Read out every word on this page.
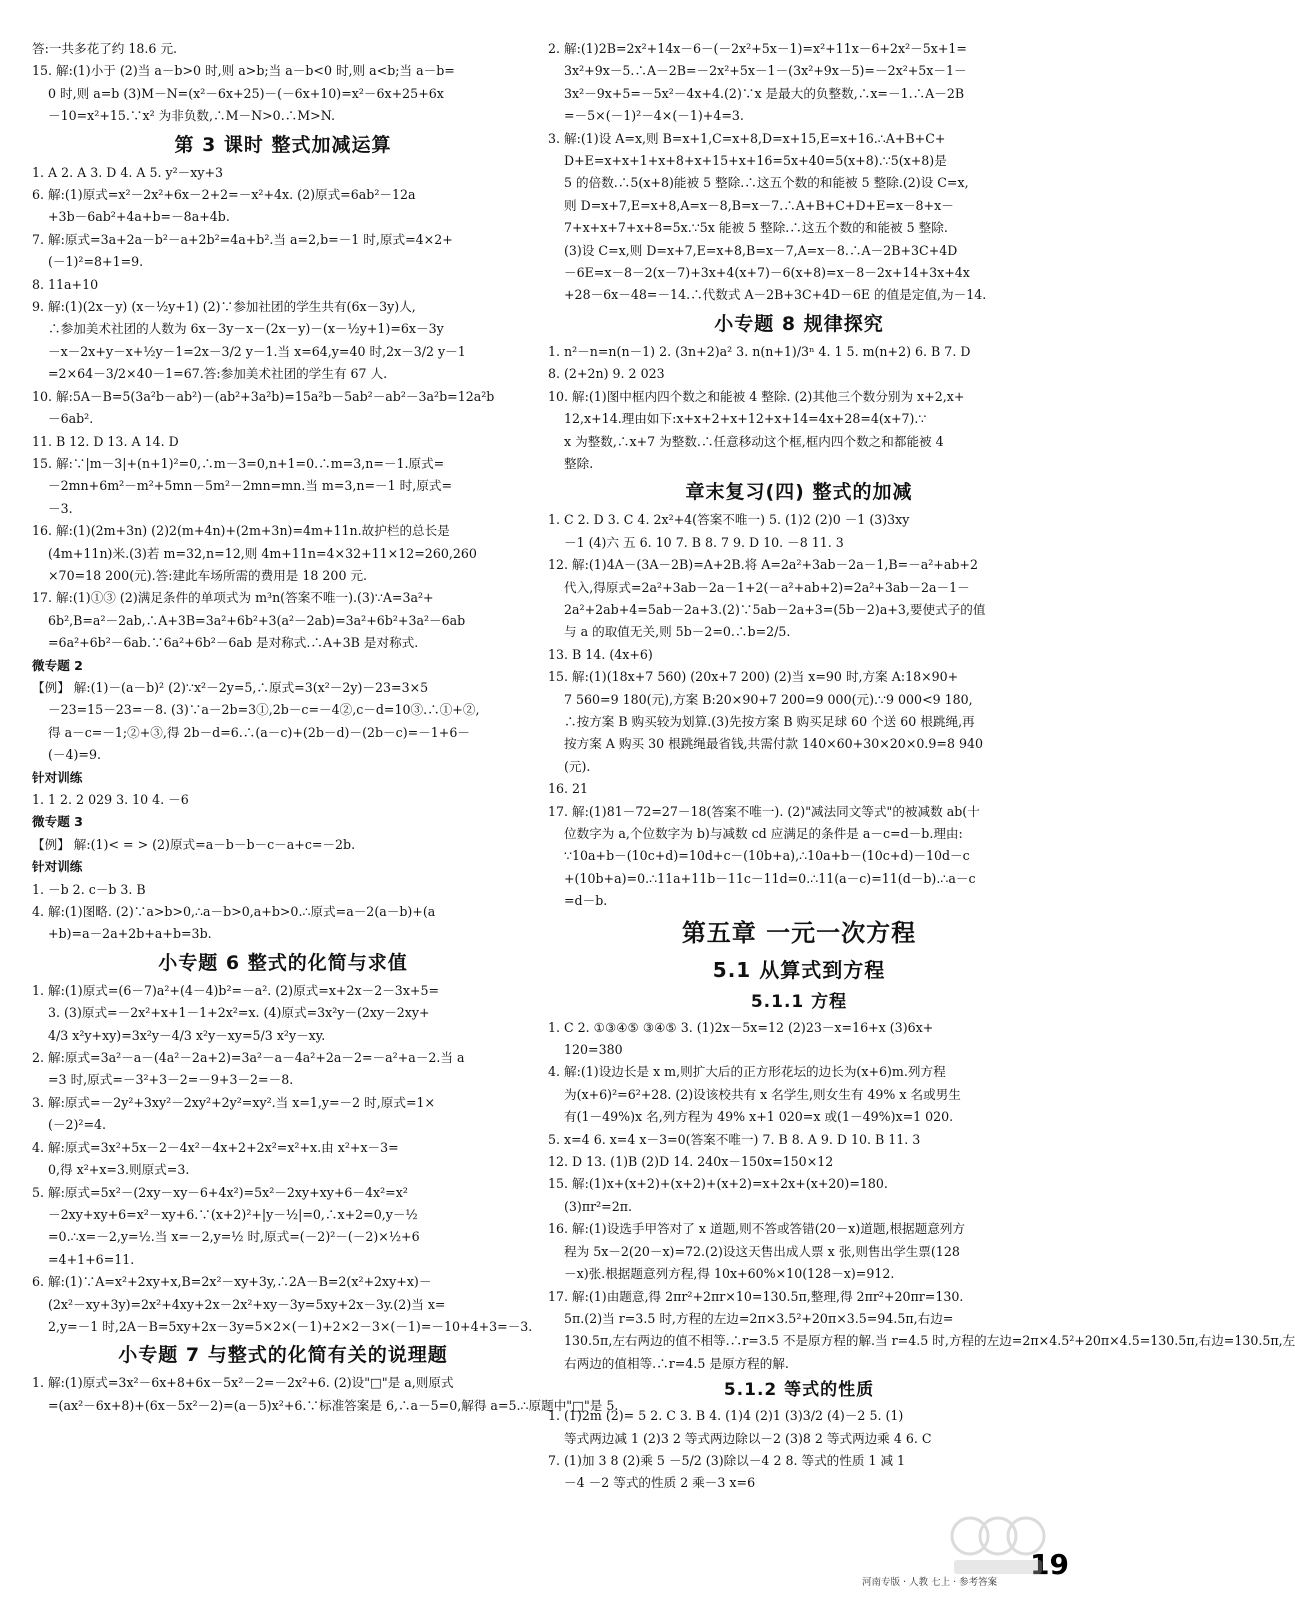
答:一共多花了约 18.6 元.
15. 解:(1)小于 (2)当 a－b>0 时,则 a>b;当 a－b<0 时,则 a<b;当 a－b=
0 时,则 a=b (3)M－N=(x²－6x+25)－(－6x+10)=x²－6x+25+6x
－10=x²+15.∵x² 为非负数,∴M－N>0.∴M>N.
第 3 课时 整式加减运算
1. A 2. A 3. D 4. A 5. y²－xy+3
6. 解:(1)原式=x²－2x²+6x－2+2=－x²+4x. (2)原式=6ab²－12a
+3b－6ab²+4a+b=－8a+4b.
7. 解:原式=3a+2a－b²－a+2b²=4a+b².当 a=2,b=－1 时,原式=4×2+
(－1)²=8+1=9.
8. 11a+10
9. 解:(1)(2x－y) (x－½y+1) (2)∵参加社团的学生共有(6x－3y)人,
∴参加美术社团的人数为 6x－3y－x－(2x－y)－(x－½y+1)=6x－3y
－x－2x+y－x+½y－1=2x－3/2 y－1.当 x=64,y=40 时,2x－3/2 y－1
=2×64－3/2×40－1=67.答:参加美术社团的学生有 67 人.
10. 解:5A－B=5(3a²b－ab²)－(ab²+3a²b)=15a²b－5ab²－ab²－3a²b=12a²b
－6ab².
11. B 12. D 13. A 14. D
15. 解:∵|m－3|+(n+1)²=0,∴m－3=0,n+1=0.∴m=3,n=－1.原式=
－2mn+6m²－m²+5mn－5m²－2mn=mn.当 m=3,n=－1 时,原式=
－3.
16. 解:(1)(2m+3n) (2)2(m+4n)+(2m+3n)=4m+11n.故护栏的总长是
(4m+11n)米.(3)若 m=32,n=12,则 4m+11n=4×32+11×12=260,260
×70=18 200(元).答:建此车场所需的费用是 18 200 元.
17. 解:(1)①③ (2)满足条件的单项式为 m³n(答案不唯一).(3)∵A=3a²+
6b²,B=a²－2ab,∴A+3B=3a²+6b²+3(a²－2ab)=3a²+6b²+3a²－6ab
=6a²+6b²－6ab.∵6a²+6b²－6ab 是对称式.∴A+3B 是对称式.
微专题 2
【例】 解:(1)－(a－b)² (2)∵x²－2y=5,∴原式=3(x²－2y)－23=3×5
－23=15－23=－8. (3)∵a－2b=3①,2b－c=－4②,c－d=10③.∴①+②,
得 a－c=－1;②+③,得 2b－d=6.∴(a－c)+(2b－d)－(2b－c)=－1+6－
(－4)=9.
针对训练
1. 1 2. 2 029 3. 10 4. －6
微专题 3
【例】 解:(1)< = > (2)原式=a－b－b－c－a+c=－2b.
针对训练
1. －b 2. c－b 3. B
4. 解:(1)图略. (2)∵a>b>0,∴a－b>0,a+b>0.∴原式=a－2(a－b)+(a
+b)=a－2a+2b+a+b=3b.
小专题 6 整式的化简与求值
1. 解:(1)原式=(6－7)a²+(4－4)b²=－a². (2)原式=x+2x－2－3x+5=
3. (3)原式=－2x²+x+1－1+2x²=x. (4)原式=3x²y－(2xy－2xy+
4/3 x²y+xy)=3x²y－4/3 x²y－xy=5/3 x²y－xy.
2. 解:原式=3a²－a－(4a²－2a+2)=3a²－a－4a²+2a－2=－a²+a－2.当 a
=3 时,原式=－3²+3－2=－9+3－2=－8.
3. 解:原式=－2y²+3xy²－2xy²+2y²=xy².当 x=1,y=－2 时,原式=1×
(－2)²=4.
4. 解:原式=3x²+5x－2－4x²－4x+2+2x²=x²+x.由 x²+x－3=
0,得 x²+x=3.则原式=3.
5. 解:原式=5x²－(2xy－xy－6+4x²)=5x²－2xy+xy+6－4x²=x²
－2xy+xy+6=x²－xy+6.∵(x+2)²+|y－½|=0,∴x+2=0,y－½
=0.∴x=－2,y=½.当 x=－2,y=½ 时,原式=(－2)²－(－2)×½+6
=4+1+6=11.
6. 解:(1)∵A=x²+2xy+x,B=2x²－xy+3y,∴2A－B=2(x²+2xy+x)－
(2x²－xy+3y)=2x²+4xy+2x－2x²+xy－3y=5xy+2x－3y.(2)当 x=
2,y=－1 时,2A－B=5xy+2x－3y=5×2×(－1)+2×2－3×(－1)=－10+4+3=－3.
小专题 7 与整式的化简有关的说理题
1. 解:(1)原式=3x²－6x+8+6x－5x²－2=－2x²+6. (2)设"□"是 a,则原式
=(ax²－6x+8)+(6x－5x²－2)=(a－5)x²+6.∵标准答案是 6,∴a－5=0,解得 a=5.∴原题中"□"是 5.
2. 解:(1)2B=2x²+14x－6－(－2x²+5x－1)=x²+11x－6+2x²－5x+1=
3x²+9x－5.∴A－2B=－2x²+5x－1－(3x²+9x－5)=－2x²+5x－1－
3x²－9x+5=－5x²－4x+4.(2)∵x 是最大的负整数,∴x=－1.∴A－2B
=－5×(－1)²－4×(－1)+4=3.
3. 解:(1)设 A=x,则 B=x+1,C=x+8,D=x+15,E=x+16.∴A+B+C+
D+E=x+x+1+x+8+x+15+x+16=5x+40=5(x+8).∵5(x+8)是
5 的倍数.∴5(x+8)能被 5 整除.∴这五个数的和能被 5 整除.(2)设 C=x,
则 D=x+7,E=x+8,A=x－8,B=x－7.∴A+B+C+D+E=x－8+x－
7+x+x+7+x+8=5x.∵5x 能被 5 整除.∴这五个数的和能被 5 整除.
(3)设 C=x,则 D=x+7,E=x+8,B=x－7,A=x－8.∴A－2B+3C+4D
－6E=x－8－2(x－7)+3x+4(x+7)－6(x+8)=x－8－2x+14+3x+4x
+28－6x－48=－14.∴代数式 A－2B+3C+4D－6E 的值是定值,为－14.
小专题 8 规律探究
1. n²－n=n(n－1) 2. (3n+2)a² 3. n(n+1)/3ⁿ 4. 1 5. m(n+2) 6. B 7. D
8. (2+2n) 9. 2 023
10. 解:(1)图中框内四个数之和能被 4 整除. (2)其他三个数分别为 x+2,x+
12,x+14.理由如下:x+x+2+x+12+x+14=4x+28=4(x+7).∵
x 为整数,∴x+7 为整数.∴任意移动这个框,框内四个数之和都能被 4
整除.
章末复习(四) 整式的加减
1. C 2. D 3. C 4. 2x²+4(答案不唯一) 5. (1)2 (2)0 －1 (3)3xy
－1 (4)六 五 6. 10 7. B 8. 7 9. D 10. －8 11. 3
12. 解:(1)4A－(3A－2B)=A+2B.将 A=2a²+3ab－2a－1,B=－a²+ab+2
代入,得原式=2a²+3ab－2a－1+2(－a²+ab+2)=2a²+3ab－2a－1－
2a²+2ab+4=5ab－2a+3.(2)∵5ab－2a+3=(5b－2)a+3,要使式子的值
与 a 的取值无关,则 5b－2=0.∴b=2/5.
13. B 14. (4x+6)
15. 解:(1)(18x+7 560) (20x+7 200) (2)当 x=90 时,方案 A:18×90+
7 560=9 180(元),方案 B:20×90+7 200=9 000(元).∵9 000<9 180,
∴按方案 B 购买较为划算.(3)先按方案 B 购买足球 60 个送 60 根跳绳,再
按方案 A 购买 30 根跳绳最省钱,共需付款 140×60+30×20×0.9=8 940
(元).
16. 21
17. 解:(1)81－72=27－18(答案不唯一). (2)"减法同文等式"的被减数 ab(十
位数字为 a,个位数字为 b)与减数 cd 应满足的条件是 a－c=d－b.理由:
∵10a+b－(10c+d)=10d+c－(10b+a),∴10a+b－(10c+d)－10d－c
+(10b+a)=0.∴11a+11b－11c－11d=0.∴11(a－c)=11(d－b).∴a－c
=d－b.
第五章 一元一次方程
5.1 从算式到方程
5.1.1 方程
1. C 2. ①③④⑤ ③④⑤ 3. (1)2x－5x=12 (2)23－x=16+x (3)6x+
120=380
4. 解:(1)设边长是 x m,则扩大后的正方形花坛的边长为(x+6)m.列方程
为(x+6)²=6²+28. (2)设该校共有 x 名学生,则女生有 49% x 名或男生
有(1－49%)x 名,列方程为 49% x+1 020=x 或(1－49%)x=1 020.
5. x=4 6. x=4 x－3=0(答案不唯一) 7. B 8. A 9. D 10. B 11. 3
12. D 13. (1)B (2)D 14. 240x－150x=150×12
15. 解:(1)x+(x+2)+(x+2)+(x+2)=x+2x+(x+20)=180.
(3)πr²=2π.
16. 解:(1)设选手甲答对了 x 道题,则不答或答错(20－x)道题,根据题意列方
程为 5x－2(20－x)=72.(2)设这天售出成人票 x 张,则售出学生票(128
－x)张.根据题意列方程,得 10x+60%×10(128－x)=912.
17. 解:(1)由题意,得 2πr²+2πr×10=130.5π,整理,得 2πr²+20πr=130.
5π.(2)当 r=3.5 时,方程的左边=2π×3.5²+20π×3.5=94.5π,右边=
130.5π,左右两边的值不相等.∴r=3.5 不是原方程的解.当 r=4.5 时,方程的左边=2π×4.5²+20π×4.5=130.5π,右边=130.5π,左
右两边的值相等.∴r=4.5 是原方程的解.
5.1.2 等式的性质
1. (1)2m (2)= 5 2. C 3. B 4. (1)4 (2)1 (3)3/2 (4)－2 5. (1)
等式两边减 1 (2)3 2 等式两边除以－2 (3)8 2 等式两边乘 4 6. C
7. (1)加 3 8 (2)乘 5 －5/2 (3)除以－4 2 8. 等式的性质 1 减 1
－4 －2 等式的性质 2 乘－3 x=6
河南专版 · 人教 七上 · 参考答案
19
